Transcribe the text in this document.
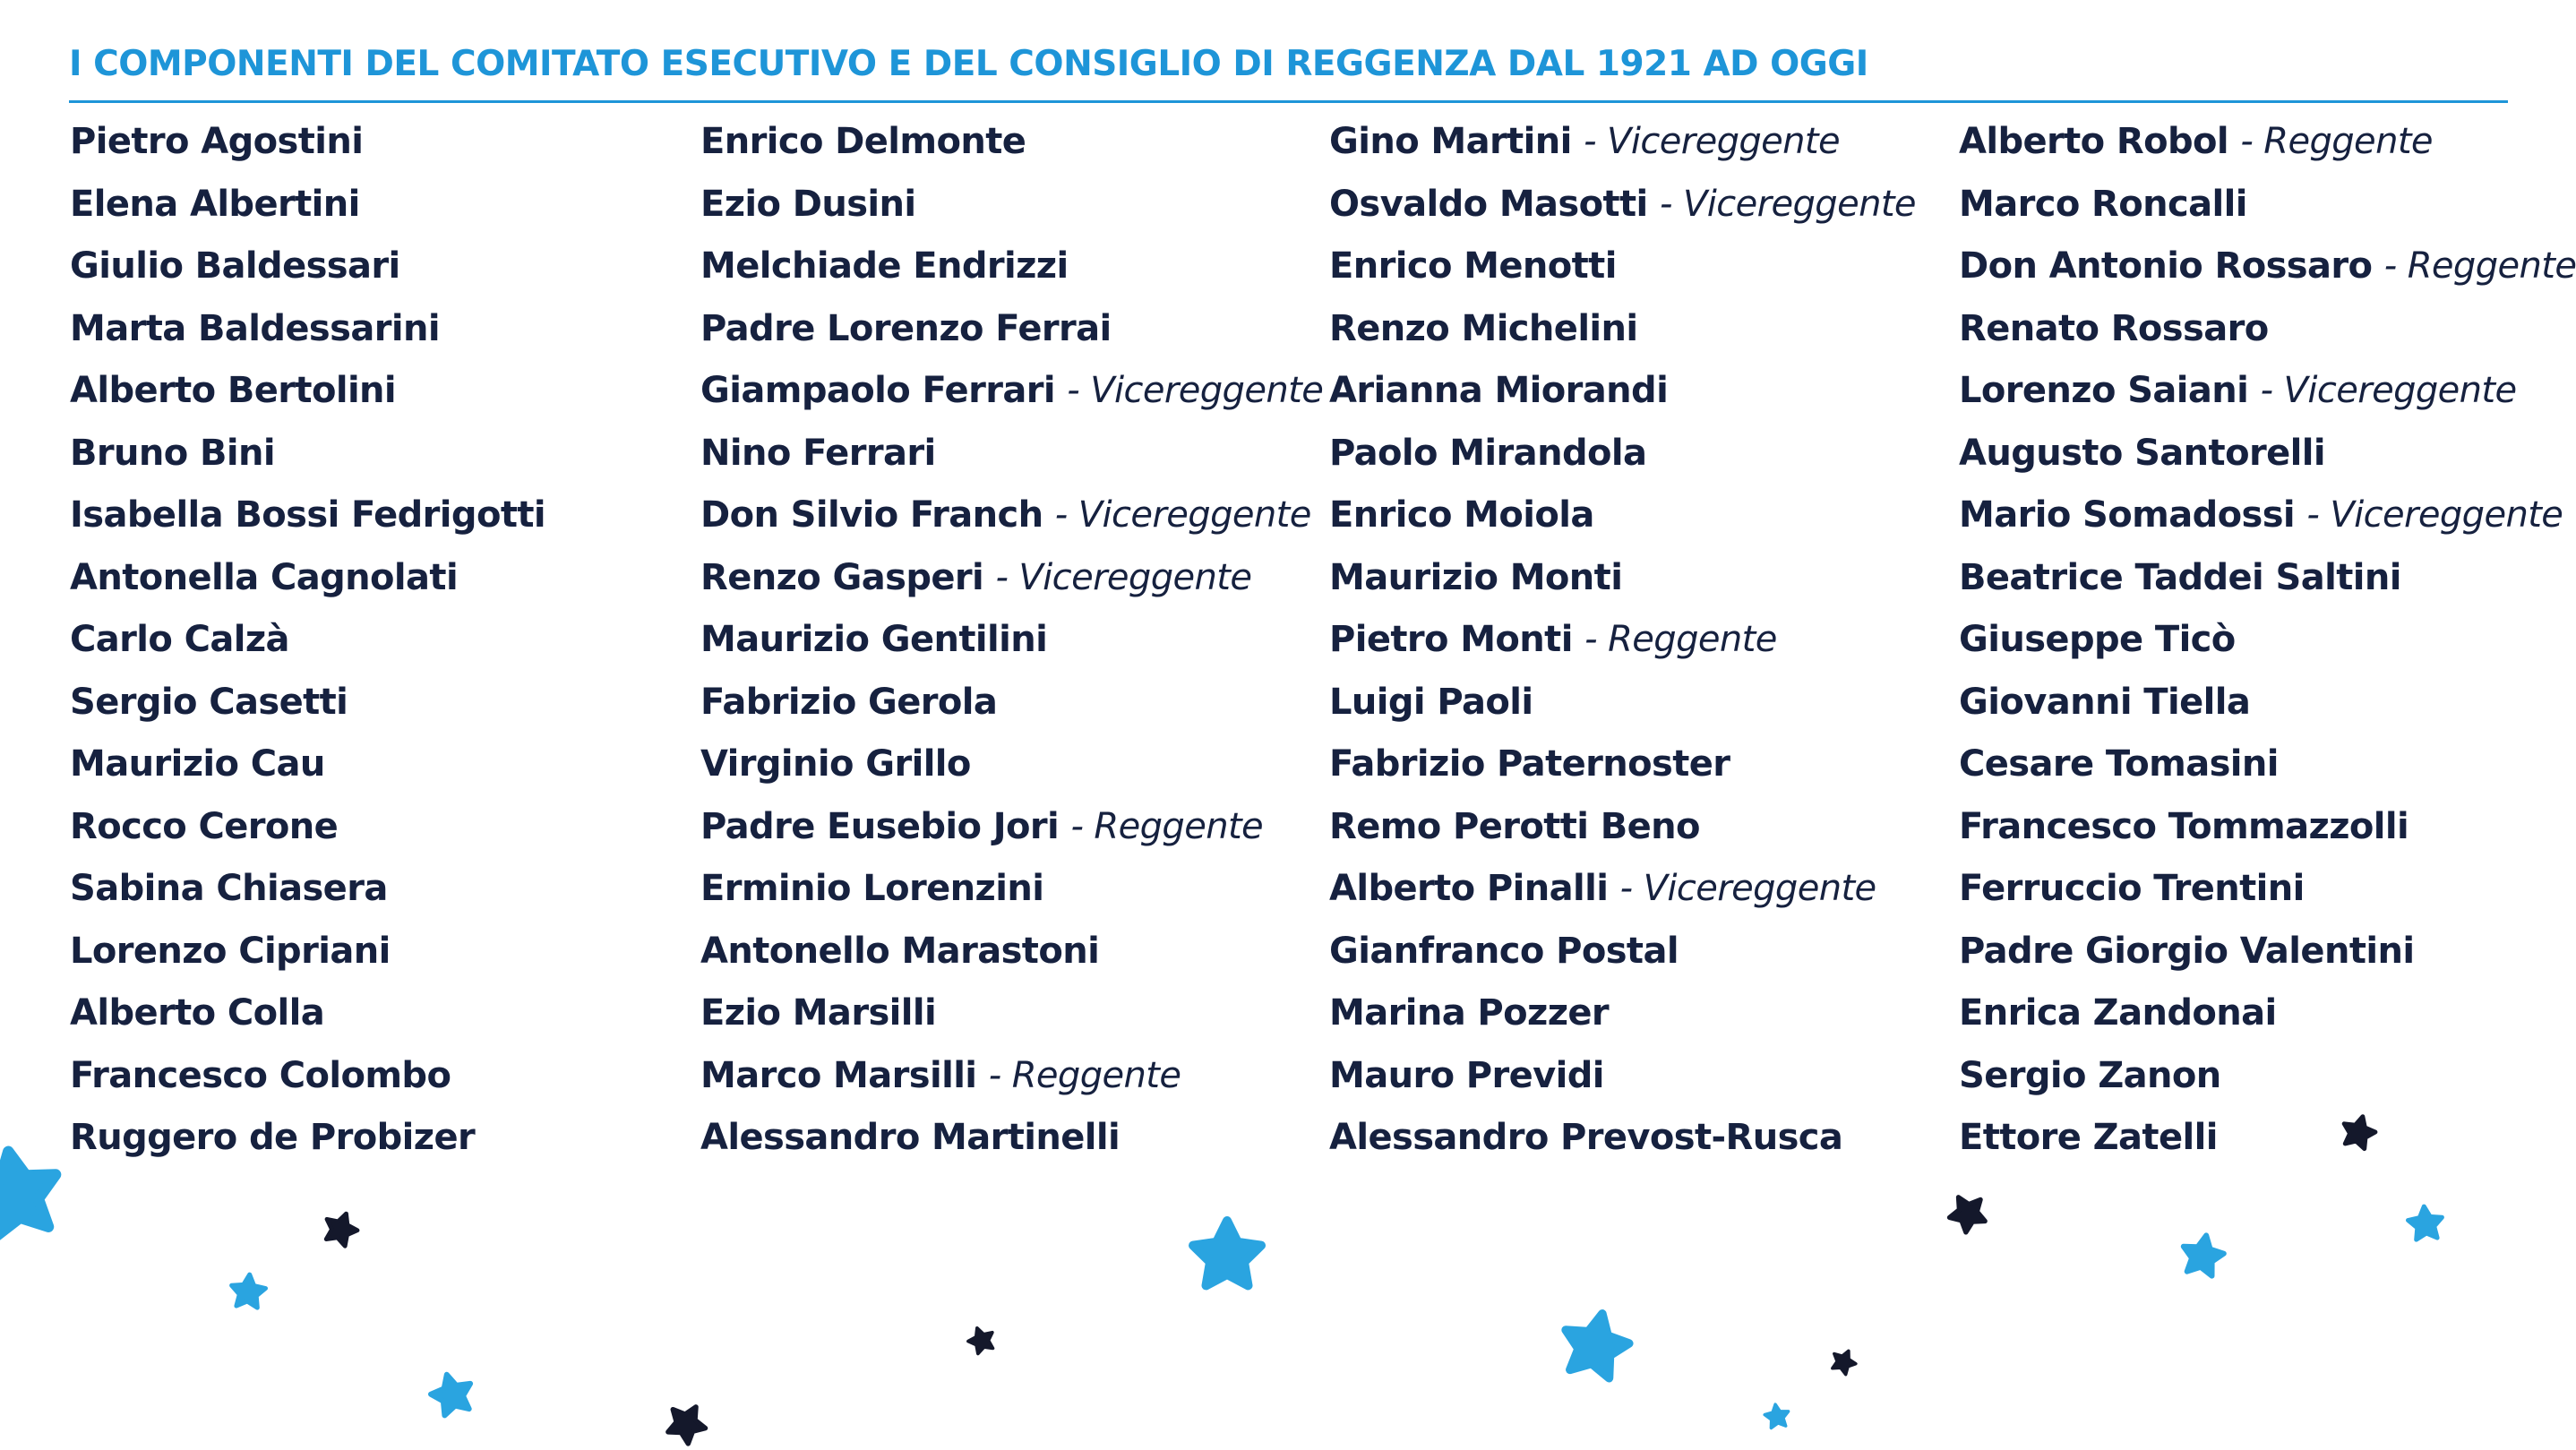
I COMPONENTI DEL COMITATO ESECUTIVO E DEL CONSIGLIO DI REGGENZA DAL 1921 AD OGGI
Pietro Agostini
Elena Albertini
Giulio Baldessari
Marta Baldessarini
Alberto Bertolini
Bruno Bini
Isabella Bossi Fedrigotti
Antonella Cagnolati
Carlo Calzà
Sergio Casetti
Maurizio Cau
Rocco Cerone
Sabina Chiasera
Lorenzo Cipriani
Alberto Colla
Francesco Colombo
Ruggero de Probizer
Enrico Delmonte
Ezio Dusini
Melchiade Endrizzi
Padre Lorenzo Ferrai
Giampaolo Ferrari - Vicereggente
Nino Ferrari
Don Silvio Franch - Vicereggente
Renzo Gasperi - Vicereggente
Maurizio Gentilini
Fabrizio Gerola
Virginio Grillo
Padre Eusebio Jori - Reggente
Erminio Lorenzini
Antonello Marastoni
Ezio Marsilli
Marco Marsilli - Reggente
Alessandro Martinelli
Gino Martini - Vicereggente
Osvaldo Masotti - Vicereggente
Enrico Menotti
Renzo Michelini
Arianna Miorandi
Paolo Mirandola
Enrico Moiola
Maurizio Monti
Pietro Monti - Reggente
Luigi Paoli
Fabrizio Paternoster
Remo Perotti Beno
Alberto Pinalli - Vicereggente
Gianfranco Postal
Marina Pozzer
Mauro Previdi
Alessandro Prevost-Rusca
Alberto Robol - Reggente
Marco Roncalli
Don Antonio Rossaro - Reggente
Renato Rossaro
Lorenzo Saiani - Vicereggente
Augusto Santorelli
Mario Somadossi - Vicereggente
Beatrice Taddei Saltini
Giuseppe Ticò
Giovanni Tiella
Cesare Tomasini
Francesco Tommazzolli
Ferruccio Trentini
Padre Giorgio Valentini
Enrica Zandonai
Sergio Zanon
Ettore Zatelli
